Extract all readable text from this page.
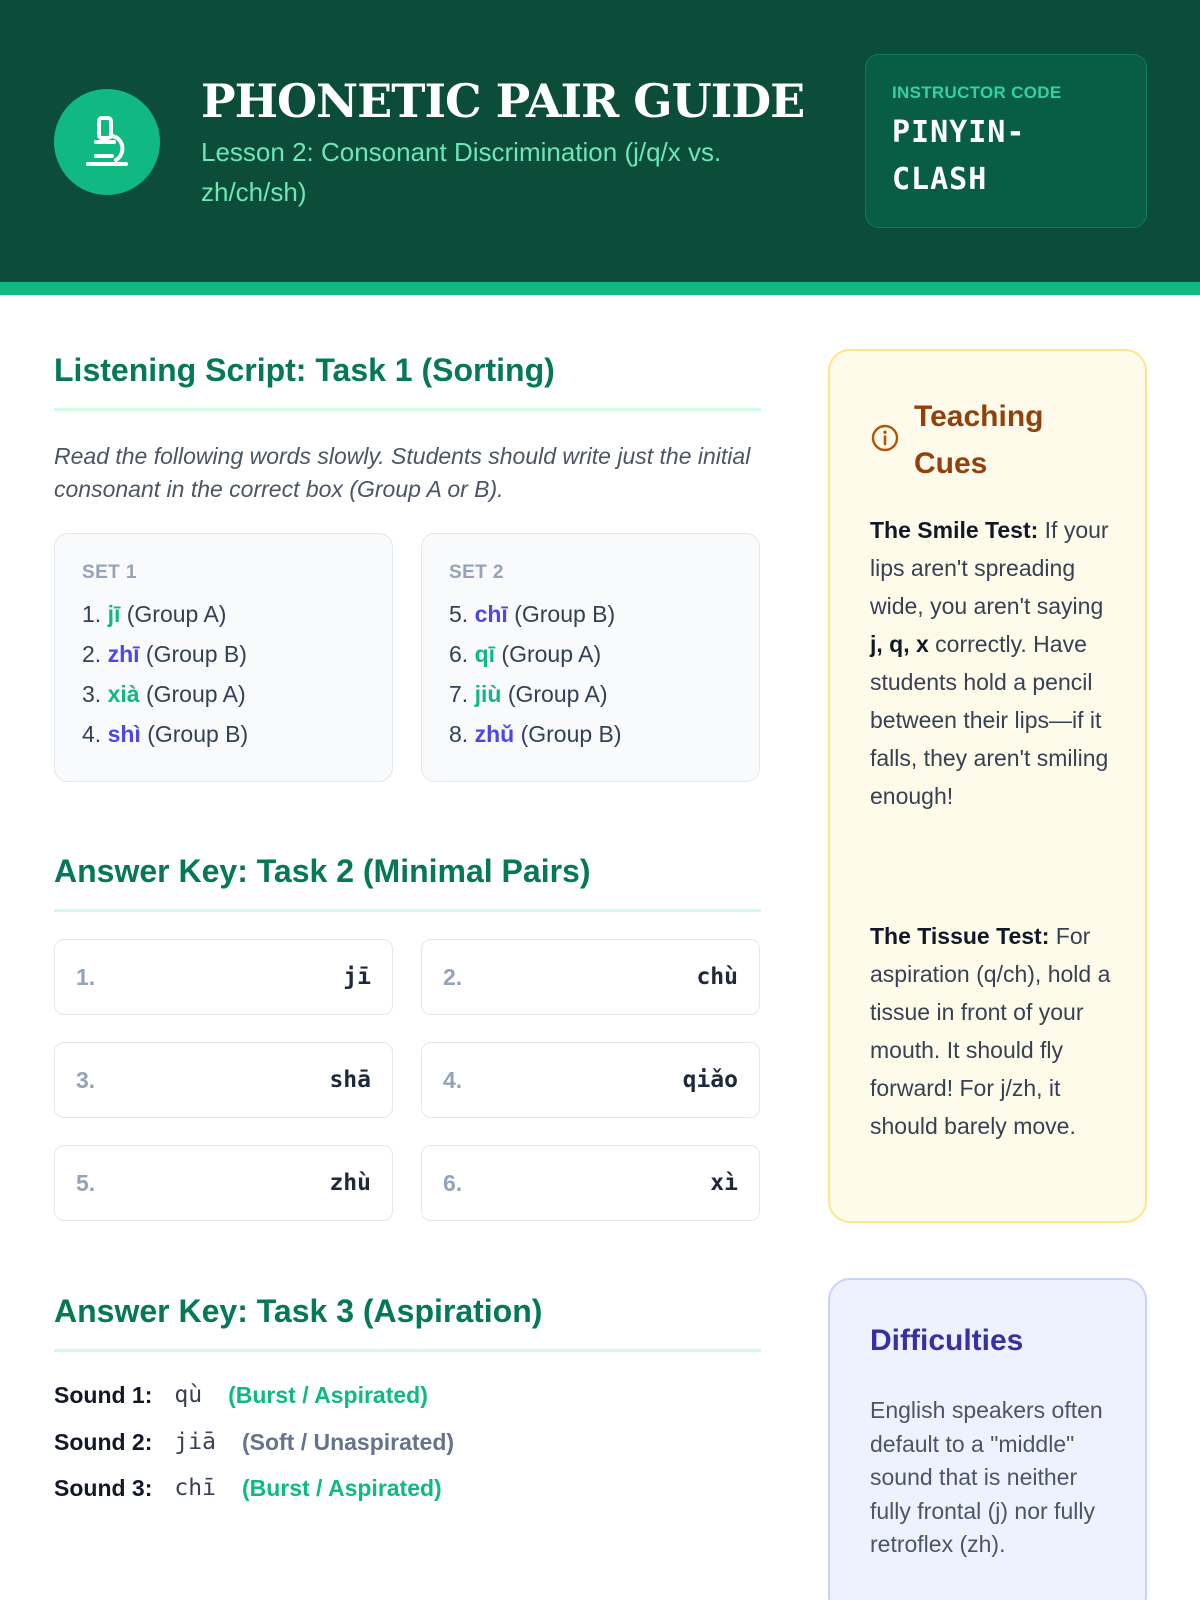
PHONETIC PAIR GUIDE
Lesson 2: Consonant Discrimination (j/q/x vs. zh/ch/sh)
INSTRUCTOR CODE
PINYIN-
CLASH
Listening Script: Task 1 (Sorting)
Read the following words slowly. Students should write just the initial consonant in the correct box (Group A or B).
SET 1
1. jī (Group A)
2. zhī (Group B)
3. xià (Group A)
4. shì (Group B)
SET 2
5. chī (Group B)
6. qī (Group A)
7. jiù (Group A)
8. zhǔ (Group B)
Answer Key: Task 2 (Minimal Pairs)
1.	jī	2.	chù
3.	shā	4.	qiǎo
5.	zhù	6.	xì
Answer Key: Task 3 (Aspiration)
Sound 1: qù (Burst / Aspirated)
Sound 2: jiā (Soft / Unaspirated)
Sound 3: chī (Burst / Aspirated)
Teaching Cues
The Smile Test: If your lips aren't spreading wide, you aren't saying j, q, x correctly. Have students hold a pencil between their lips—if it falls, they aren't smiling enough!
The Tissue Test: For aspiration (q/ch), hold a tissue in front of your mouth. It should fly forward! For j/zh, it should barely move.
Difficulties
English speakers often default to a "middle" sound that is neither fully frontal (j) nor fully retroflex (zh).
